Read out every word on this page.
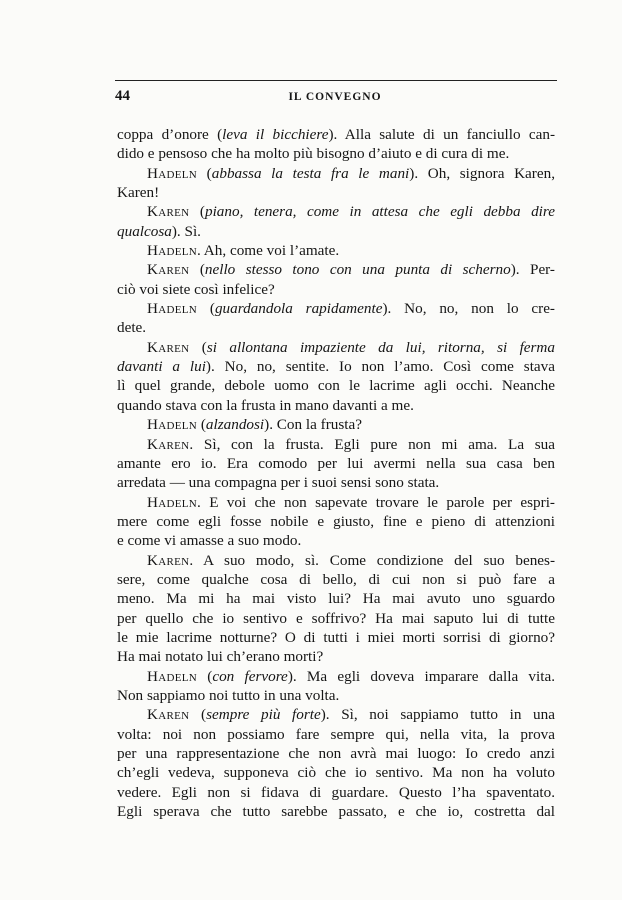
44	IL CONVEGNO
coppa d’onore (leva il bicchiere). Alla salute di un fanciullo can-
dido e pensoso che ha molto più bisogno d’aiuto e di cura di me.
Hadeln (abbassa la testa fra le mani). Oh, signora Karen,
Karen!
Karen (piano, tenera, come in attesa che egli debba dire
qualcosa). Sì.
Hadeln. Ah, come voi l’amate.
Karen (nello stesso tono con una punta di scherno). Per-
ciò voi siete così infelice?
Hadeln (guardandola rapidamente). No, no, non lo cre-
dete.
Karen (si allontana impaziente da lui, ritorna, si ferma
davanti a lui). No, no, sentite. Io non l’amo. Così come stava
lì quel grande, debole uomo con le lacrime agli occhi. Neanche
quando stava con la frusta in mano davanti a me.
Hadeln (alzandosi). Con la frusta?
Karen. Sì, con la frusta. Egli pure non mi ama. La sua
amante ero io. Era comodo per lui avermi nella sua casa ben
arredata — una compagna per i suoi sensi sono stata.
Hadeln. E voi che non sapevate trovare le parole per espri-
mere come egli fosse nobile e giusto, fine e pieno di attenzioni
e come vi amasse a suo modo.
Karen. A suo modo, sì. Come condizione del suo benes-
sere, come qualche cosa di bello, di cui non si può fare a
meno. Ma mi ha mai visto lui? Ha mai avuto uno sguardo
per quello che io sentivo e soffrivo? Ha mai saputo lui di tutte
le mie lacrime notturne? O di tutti i miei morti sorrisi di giorno?
Ha mai notato lui ch’erano morti?
Hadeln (con fervore). Ma egli doveva imparare dalla vita.
Non sappiamo noi tutto in una volta.
Karen (sempre più forte). Sì, noi sappiamo tutto in una
volta: noi non possiamo fare sempre qui, nella vita, la prova
per una rappresentazione che non avrà mai luogo: Io credo anzi
ch’egli vedeva, supponeva ciò che io sentivo. Ma non ha voluto
vedere. Egli non si fidava di guardare. Questo l’ha spaventato.
Egli sperava che tutto sarebbe passato, e che io, costretta dal
